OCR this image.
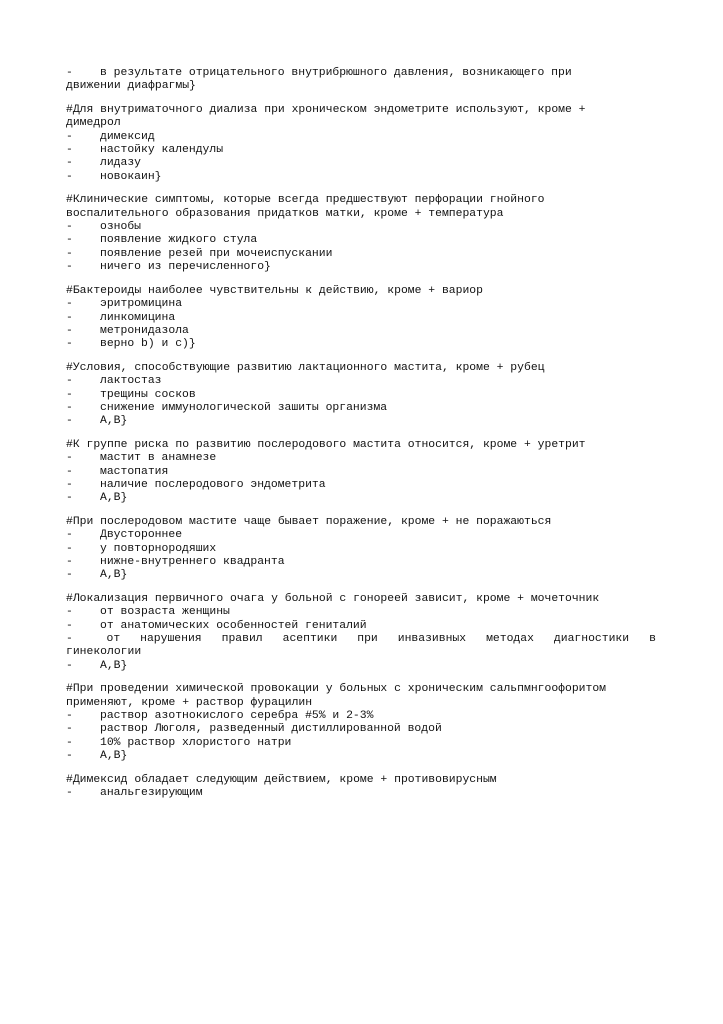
-	в результате отрицательного внутрибрюшного давления, возникающего при
движении диафрагмы}
#Для внутриматочного диализа при хроническом эндометрите используют, кроме +
димедрол
-	димексид
-	настойку календулы
-	лидазу
-	новокаин}
#Клинические симптомы, которые всегда предшествуют перфорации гнойного
воспалительного образования придатков матки, кроме + температура
-	ознобы
-	появление жидкого стула
-	появление резей при мочеиспускании
-	ничего из перечисленного}
#Бактероиды наиболее чувствительны к действию, кроме + вариор
-	эритромицина
-	линкомицина
-	метронидазола
-	верно b) и c)}
#Условия, способствующие развитию лактационного мастита, кроме + рубец
-	лактостаз
-	трещины сосков
-	снижение иммунологической зашиты организма
-	А,В}
#К группе риска по развитию послеродового мастита относится, кроме + уретрит
-	мастит в анамнезе
-	мастопатия
-	наличие послеродового эндометрита
-	А,В}
#При послеродовом мастите чаще бывает поражение, кроме + не поражаються
-	Двустороннее
-	у повторнородяших
-	нижне-внутреннего квадранта
-	А,В}
#Локализация первичного очага у больной с гонореей зависит, кроме + мочеточник
-	от возраста женщины
-	от анатомических особенностей гениталий
- от нарушения правил асептики при инвазивных методах диагностики в
гинекологии
-	А,В}
#При проведении химической провокации у больных с хроническим сальпмнгоофоритом
применяют, кроме + раствор фурацилин
-	раствор азотнокислого серебра #5% и 2-3%
-	раствор Люголя, разведенный дистиллированной водой
-	10% раствор хлористого натри
-	А,В}
#Димексид обладает следующим действием, кроме + противовирусным
-	анальгезирующим
